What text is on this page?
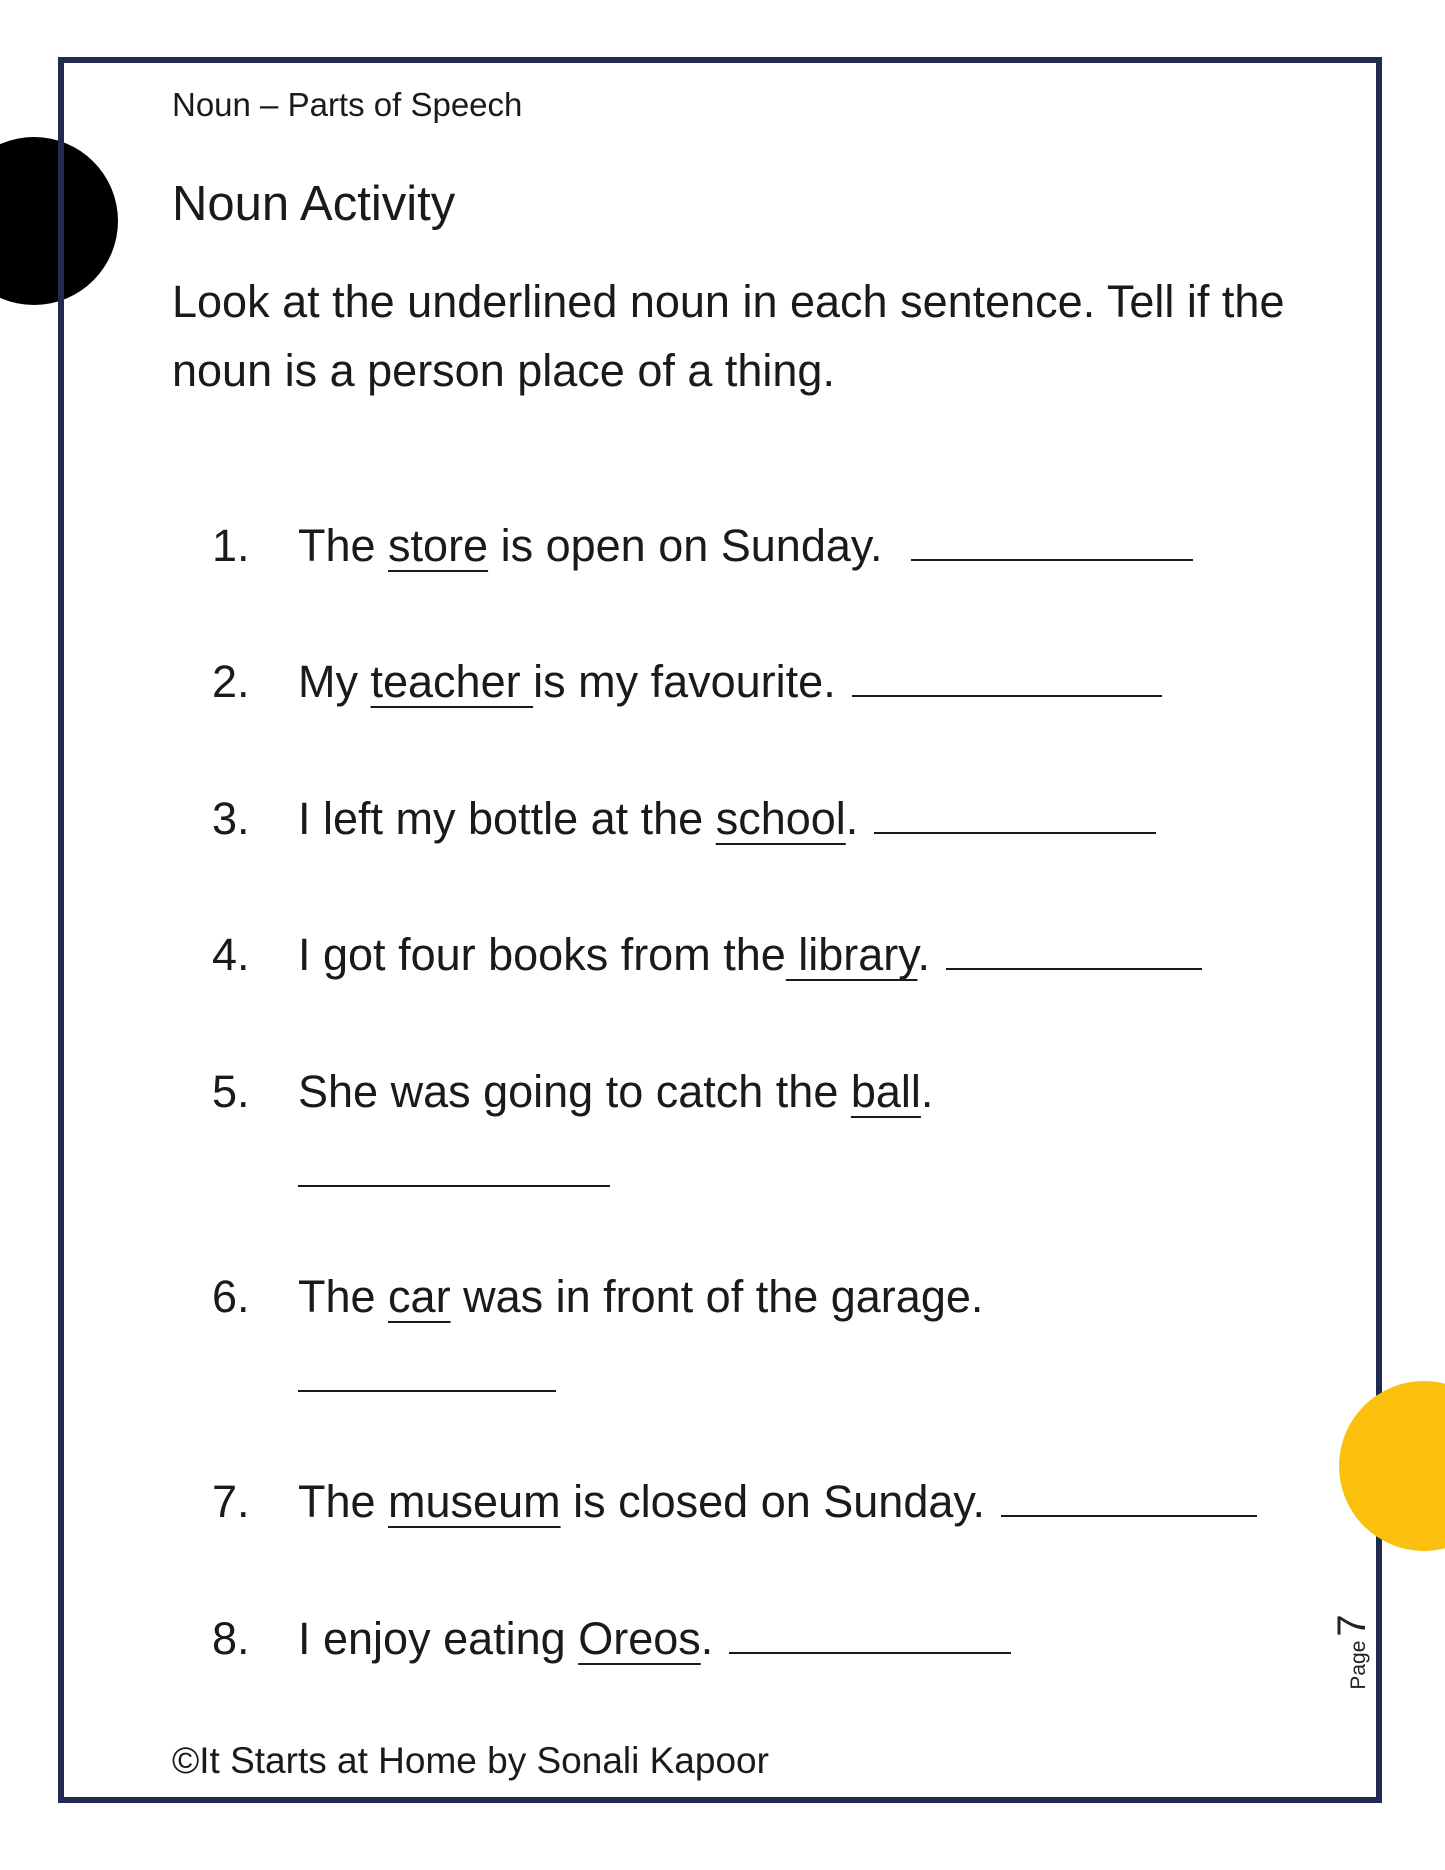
Noun – Parts of Speech
Noun Activity
Look at the underlined noun in each sentence. Tell if the noun is a person place of a thing.
1. The store is open on Sunday.
2. My teacher is my favourite.
3. I left my bottle at the school.
4. I got four books from the library.
5. She was going to catch the ball.
6. The car was in front of the garage.
7. The museum is closed on Sunday.
8. I enjoy eating Oreos.
©It Starts at Home by Sonali Kapoor
Page
7
